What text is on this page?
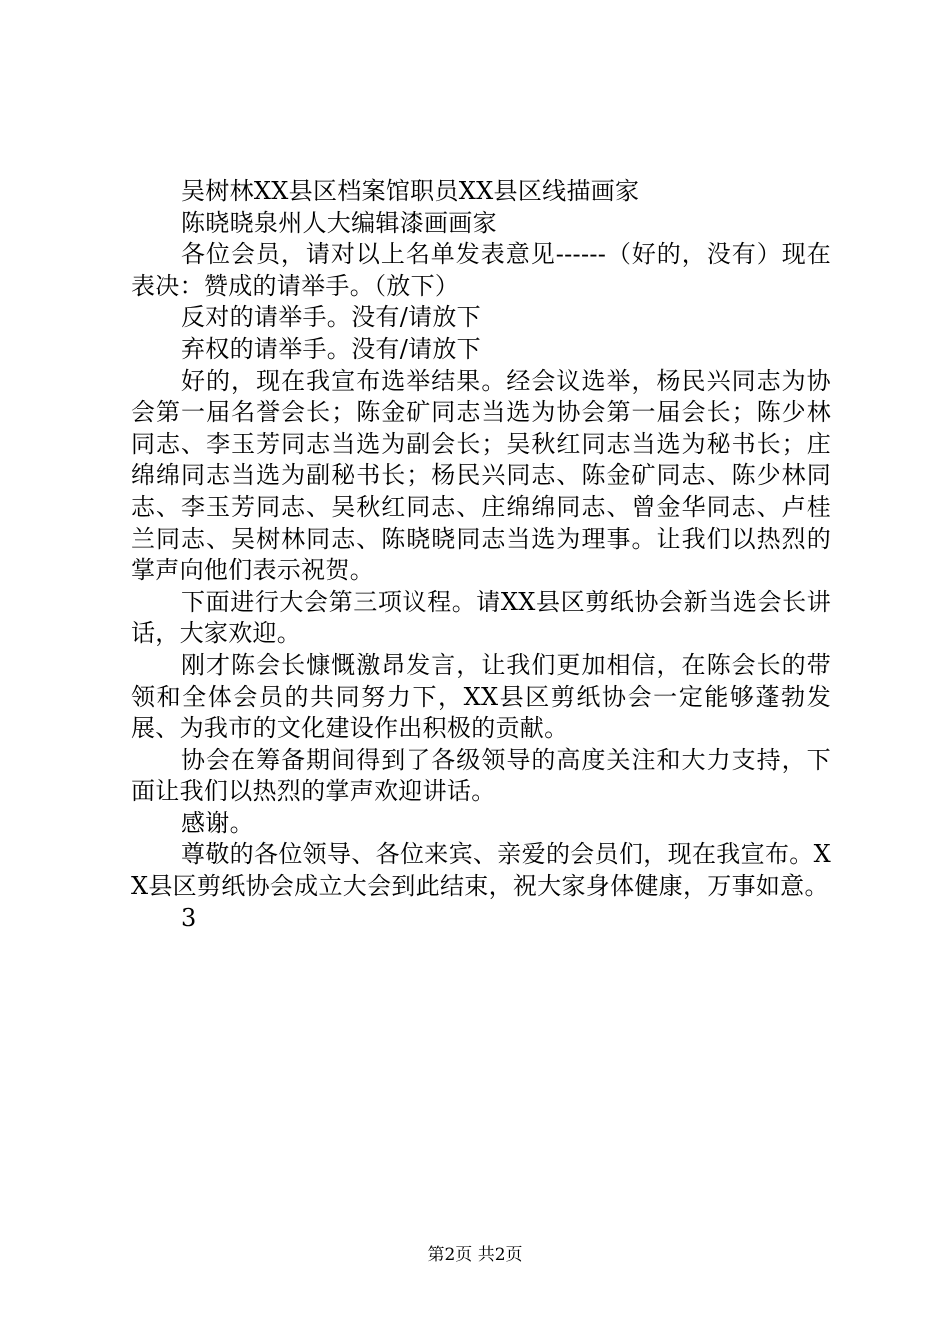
吴树林XX县区档案馆职员XX县区线描画家

陈晓晓泉州人大编辑漆画画家

各位会员，请对以上名单发表意见------（好的，没有）现在表决：赞成的请举手。（放下）

反对的请举手。没有/请放下

弃权的请举手。没有/请放下

好的，现在我宣布选举结果。经会议选举，杨民兴同志为协会第一届名誉会长；陈金矿同志当选为协会第一届会长；陈少林同志、李玉芳同志当选为副会长；吴秋红同志当选为秘书长；庄绵绵同志当选为副秘书长；杨民兴同志、陈金矿同志、陈少林同志、李玉芳同志、吴秋红同志、庄绵绵同志、曾金华同志、卢桂兰同志、吴树林同志、陈晓晓同志当选为理事。让我们以热烈的掌声向他们表示祝贺。

下面进行大会第三项议程。请XX县区剪纸协会新当选会长讲话，大家欢迎。

刚才陈会长慷慨激昂发言，让我们更加相信，在陈会长的带领和全体会员的共同努力下，XX县区剪纸协会一定能够蓬勃发展、为我市的文化建设作出积极的贡献。

协会在筹备期间得到了各级领导的高度关注和大力支持，下面让我们以热烈的掌声欢迎讲话。

感谢。

尊敬的各位领导、各位来宾、亲爱的会员们，现在我宣布。XX县区剪纸协会成立大会到此结束，祝大家身体健康，万事如意。

3

第2页 共2页
